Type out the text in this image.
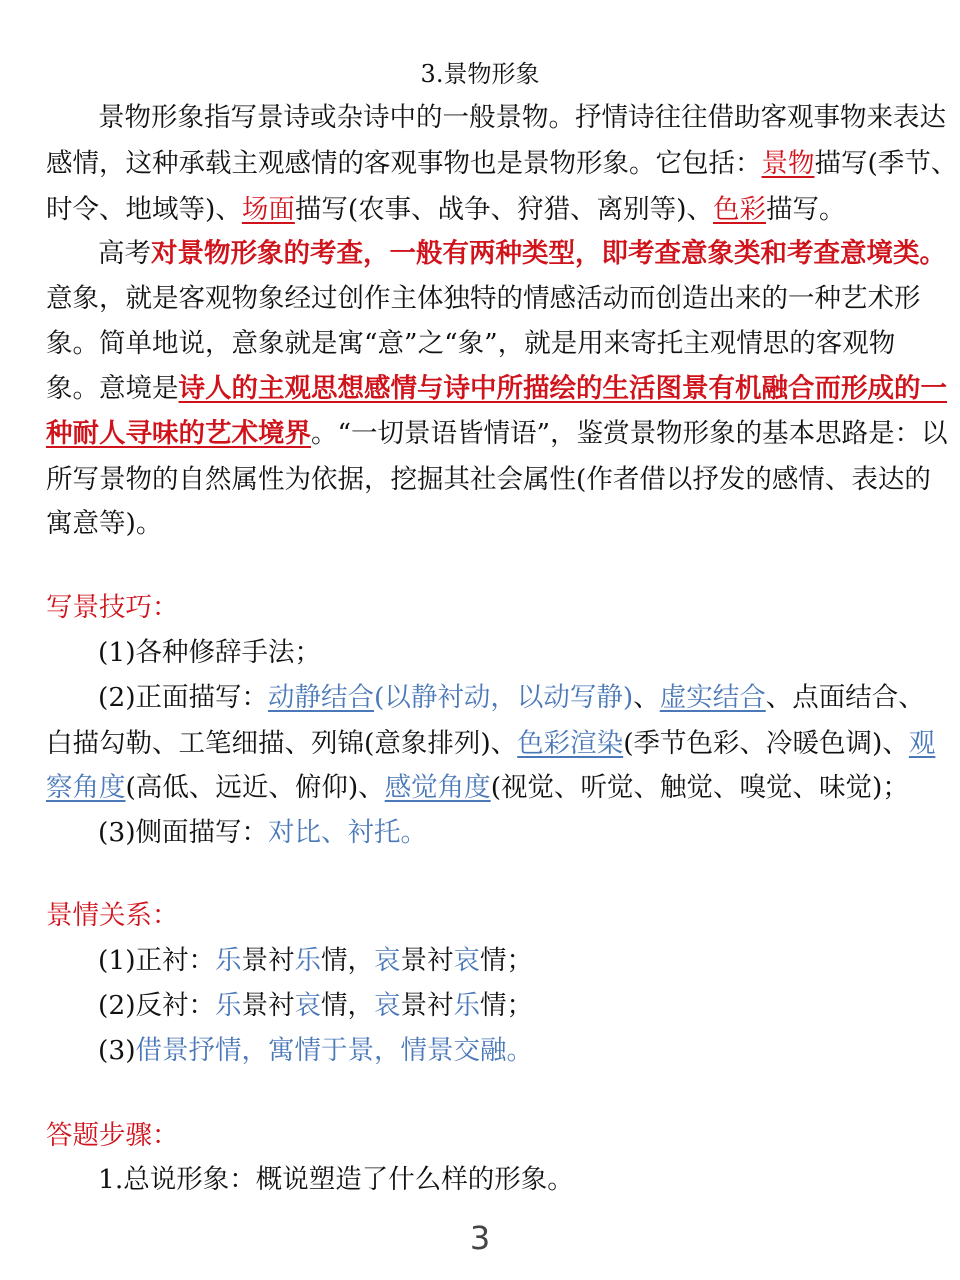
3.景物形象
景物形象指写景诗或杂诗中的一般景物。抒情诗往往借助客观事物来表达
感情，这种承载主观感情的客观事物也是景物形象。它包括：景物描写(季节、
时令、地域等)、场面描写(农事、战争、狩猎、离别等)、色彩描写。
高考对景物形象的考查，一般有两种类型，即考查意象类和考查意境类。
意象，就是客观物象经过创作主体独特的情感活动而创造出来的一种艺术形
象。简单地说，意象就是寓“意”之“象”，就是用来寄托主观情思的客观物
象。意境是诗人的主观思想感情与诗中所描绘的生活图景有机融合而形成的一
种耐人寻味的艺术境界。“一切景语皆情语”，鉴赏景物形象的基本思路是：以
所写景物的自然属性为依据，挖掘其社会属性(作者借以抒发的感情、表达的
寓意等)。
写景技巧：
(1)各种修辞手法；
(2)正面描写：动静结合(以静衬动，以动写静)、虚实结合、点面结合、
白描勾勒、工笔细描、列锦(意象排列)、色彩渲染(季节色彩、冷暖色调)、观
察角度(高低、远近、俯仰)、感觉角度(视觉、听觉、触觉、嗅觉、味觉)；
(3)侧面描写：对比、衬托。
景情关系：
(1)正衬：乐景衬乐情，哀景衬哀情；
(2)反衬：乐景衬哀情，哀景衬乐情；
(3)借景抒情，寓情于景，情景交融。
答题步骤：
1.总说形象：概说塑造了什么样的形象。
3
